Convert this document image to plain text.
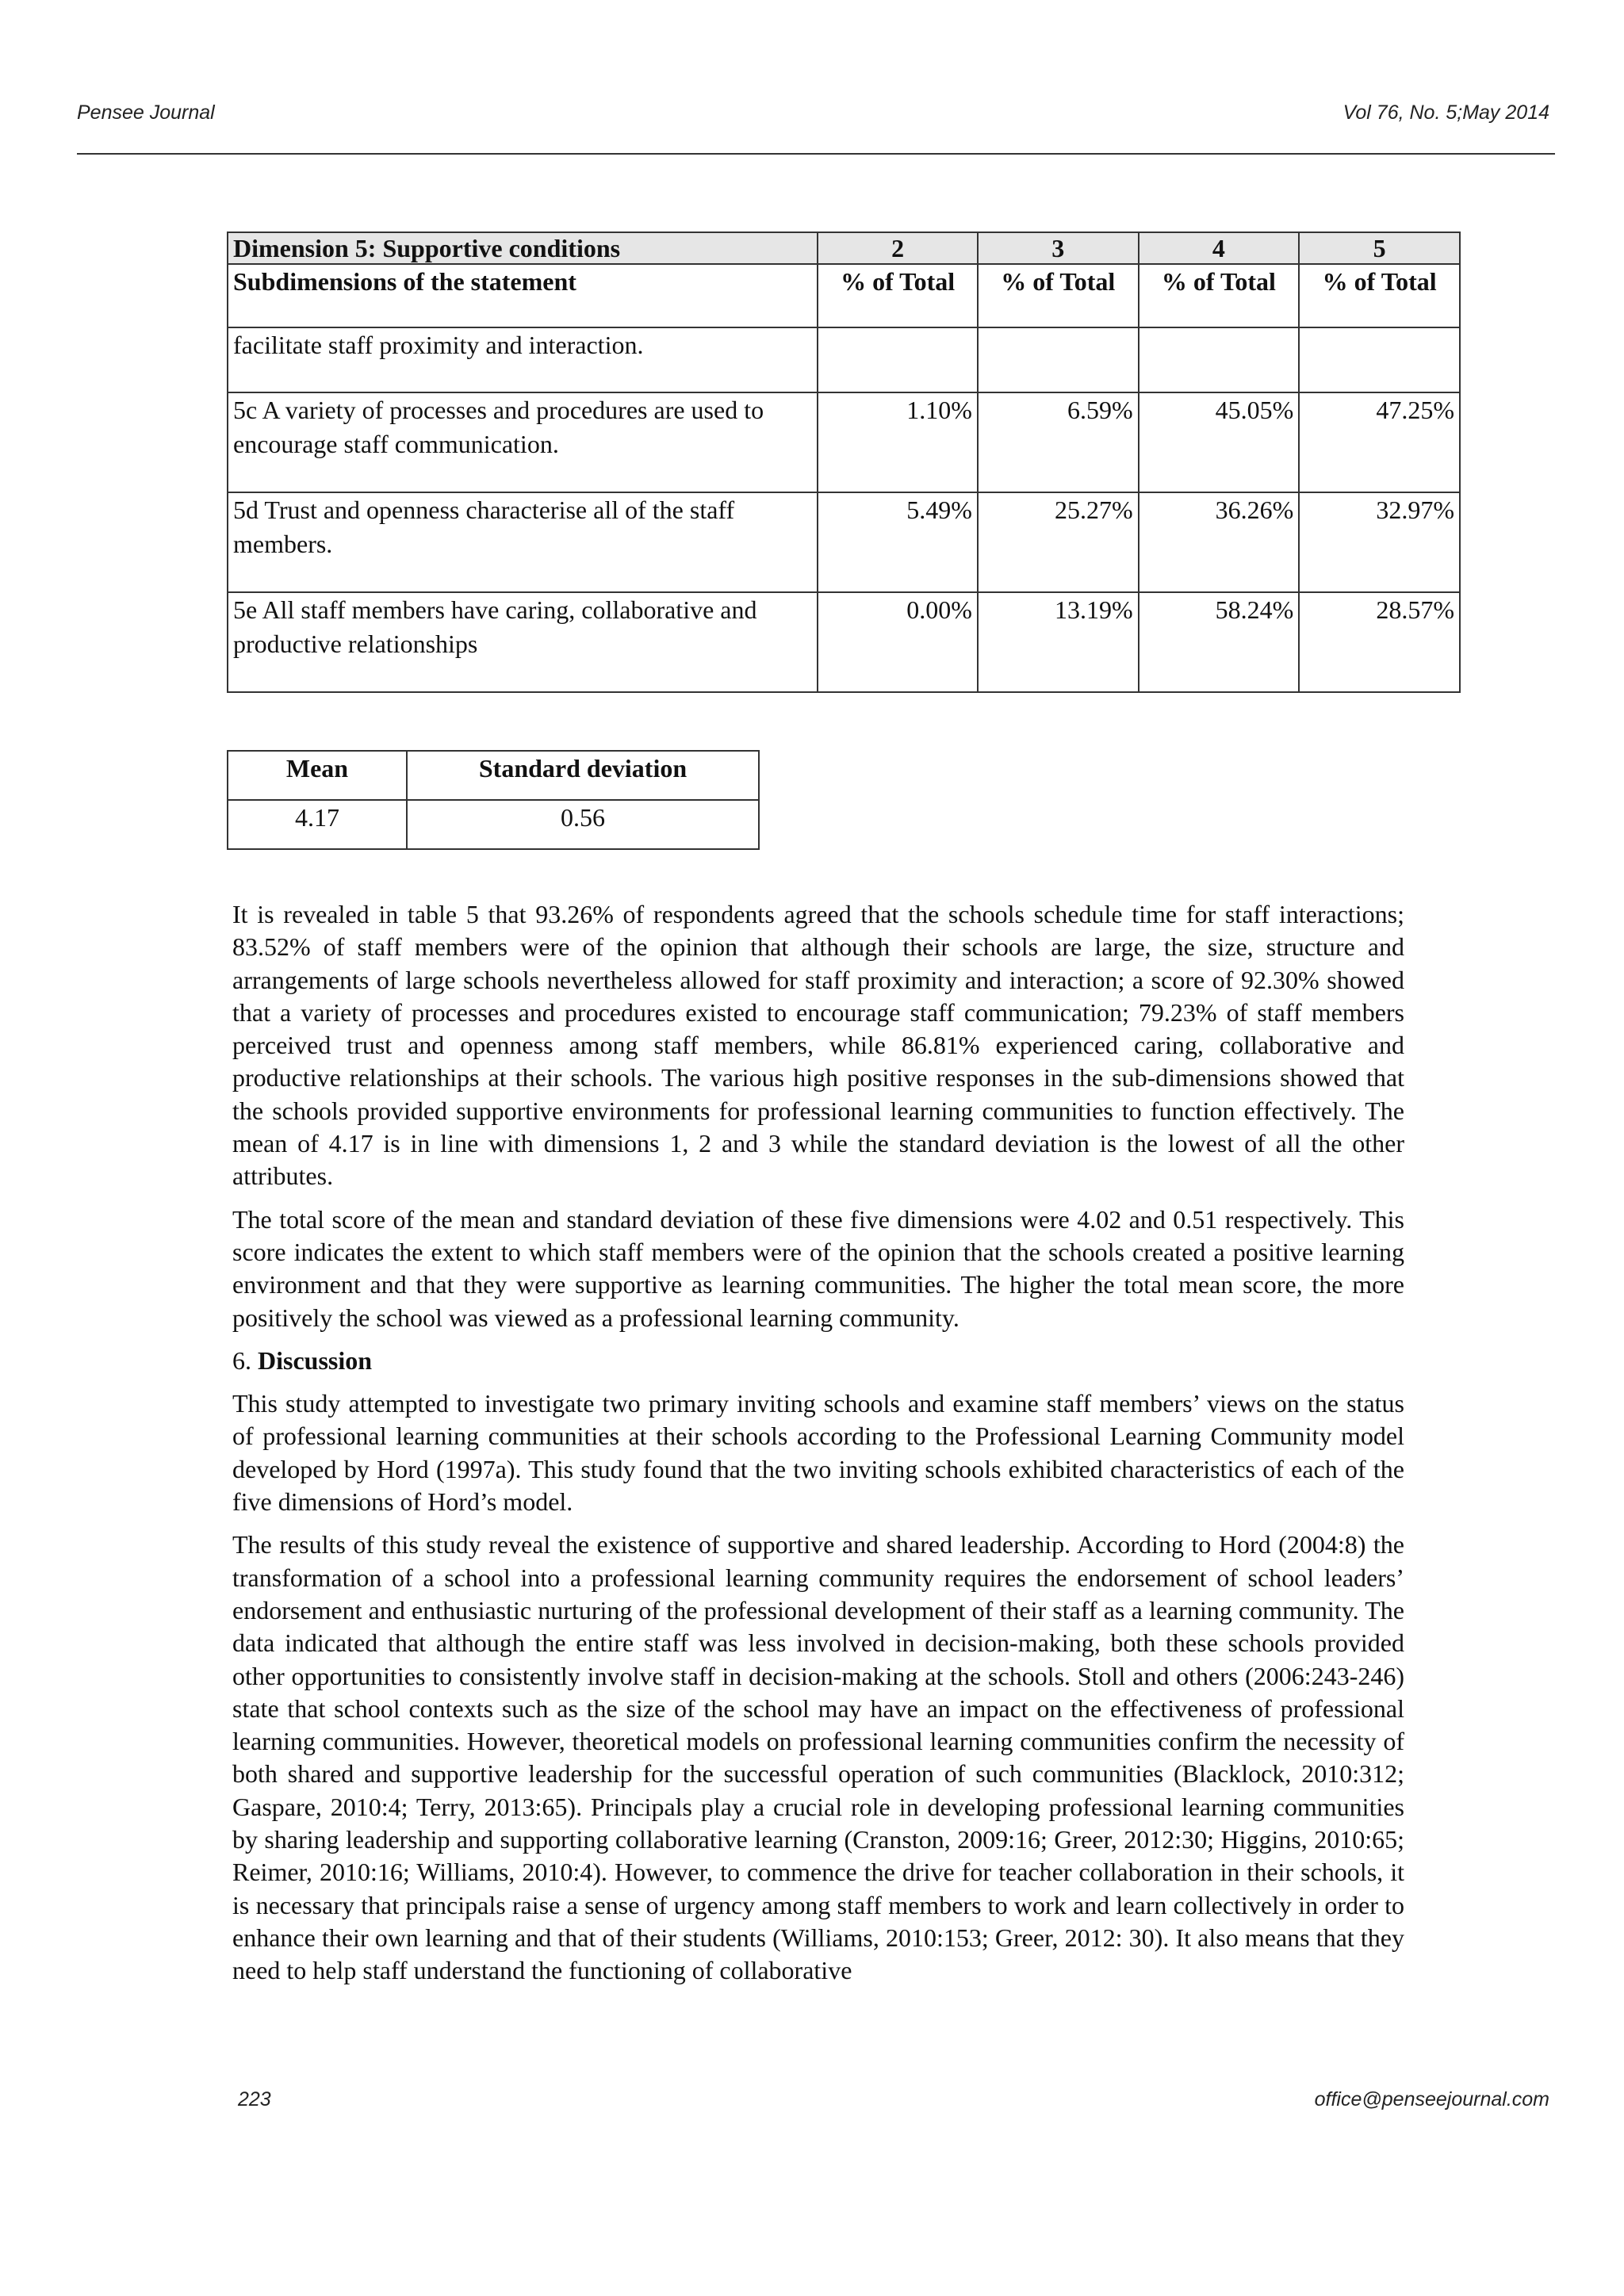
Pensee Journal	Vol 76, No. 5;May 2014
Dimension 5: Supportive conditions	2	3	4	5
Subdimensions of the statement	% of Total	% of Total	% of Total	% of Total
facilitate staff proximity and interaction.				
5c A variety of processes and procedures are used to encourage staff communication.	1.10%	6.59%	45.05%	47.25%
5d Trust and openness characterise all of the staff members.	5.49%	25.27%	36.26%	32.97%
5e All staff members have caring, collaborative and productive relationships	0.00%	13.19%	58.24%	28.57%
Mean	Standard deviation
4.17	0.56

It is revealed in table 5 that 93.26% of respondents agreed that the schools schedule time for staff interactions; 83.52% of staff members were of the opinion that although their schools are large, the size, structure and arrangements of large schools nevertheless allowed for staff proximity and interaction; a score of 92.30% showed that a variety of processes and procedures existed to encourage staff communication; 79.23% of staff members perceived trust and openness among staff members, while 86.81% experienced caring, collaborative and productive relationships at their schools. The various high positive responses in the sub-dimensions showed that the schools provided supportive environments for professional learning communities to function effectively. The mean of 4.17 is in line with dimensions 1, 2 and 3 while the standard deviation is the lowest of all the other attributes.

The total score of the mean and standard deviation of these five dimensions were 4.02 and 0.51 respectively. This score indicates the extent to which staff members were of the opinion that the schools created a positive learning environment and that they were supportive as learning communities. The higher the total mean score, the more positively the school was viewed as a professional learning community.

6. Discussion

This study attempted to investigate two primary inviting schools and examine staff members’ views on the status of professional learning communities at their schools according to the Professional Learning Community model developed by Hord (1997a). This study found that the two inviting schools exhibited characteristics of each of the five dimensions of Hord’s model.

The results of this study reveal the existence of supportive and shared leadership. According to Hord (2004:8) the transformation of a school into a professional learning community requires the endorsement of school leaders’ endorsement and enthusiastic nurturing of the professional development of their staff as a learning community. The data indicated that although the entire staff was less involved in decision-making, both these schools provided other opportunities to consistently involve staff in decision-making at the schools. Stoll and others (2006:243-246) state that school contexts such as the size of the school may have an impact on the effectiveness of professional learning communities. However, theoretical models on professional learning communities confirm the necessity of both shared and supportive leadership for the successful operation of such communities (Blacklock, 2010:312; Gaspare, 2010:4; Terry, 2013:65). Principals play a crucial role in developing professional learning communities by sharing leadership and supporting collaborative learning (Cranston, 2009:16; Greer, 2012:30; Higgins, 2010:65; Reimer, 2010:16; Williams, 2010:4). However, to commence the drive for teacher collaboration in their schools, it is necessary that principals raise a sense of urgency among staff members to work and learn collectively in order to enhance their own learning and that of their students (Williams, 2010:153; Greer, 2012: 30). It also means that they need to help staff understand the functioning of collaborative

223	office@penseejournal.com
